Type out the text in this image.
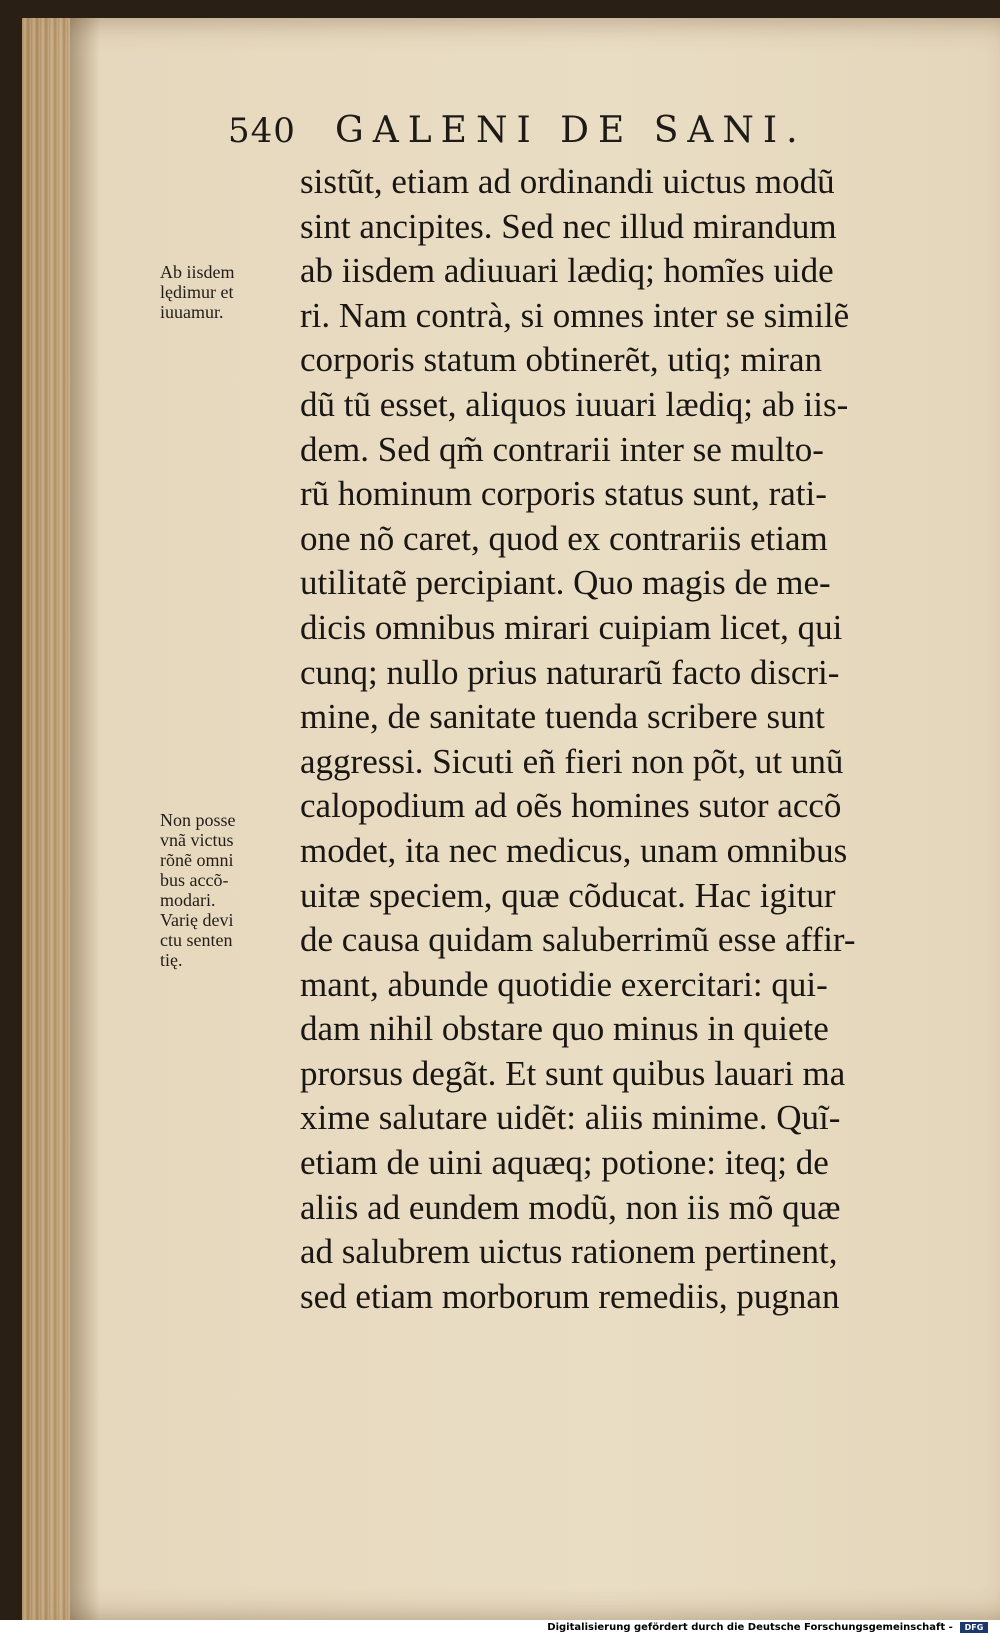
540 GALENI DE SANI.
sistũt, etiam ad ordinandi uictus modũ
sint ancipites. Sed nec illud mirandum
ab iisdem adiuuari lædiq; homĩes uide
ri. Nam contrà, si omnes inter se similẽ
corporis statum obtinerẽt, utiq; miran
dũ tũ esset, aliquos iuuari lædiq; ab iis-
dem. Sed qm̃ contrarii inter se multo-
rũ hominum corporis status sunt, rati-
one nõ caret, quod ex contrariis etiam
utilitatẽ percipiant. Quo magis de me-
dicis omnibus mirari cuipiam licet, qui
cunq; nullo prius naturarũ facto discri-
mine, de sanitate tuenda scribere sunt
aggressi. Sicuti eñ fieri non põt, ut unũ
calopodium ad oẽs homines sutor accõ
modet, ita nec medicus, unam omnibus
uitæ speciem, quæ cõducat. Hac igitur
de causa quidam saluberrimũ esse affir-
mant, abunde quotidie exercitari: qui-
dam nihil obstare quo minus in quiete
prorsus degãt. Et sunt quibus lauari ma
xime salutare uidẽt: aliis minime. Quĩ-
etiam de uini aquæq; potione: iteq; de
aliis ad eundem modũ, non iis mõ quæ
ad salubrem uictus rationem pertinent,
sed etiam morborum remediis, pugnan
Ab iisdem
lędimur et
iuuamur.
Non posse
vnã victus
rõnẽ omni
bus accõ-
modari.
Varię devi
ctu senten
tię.
Digitalisierung gefördert durch die Deutsche Forschungsgemeinschaft - DFG
